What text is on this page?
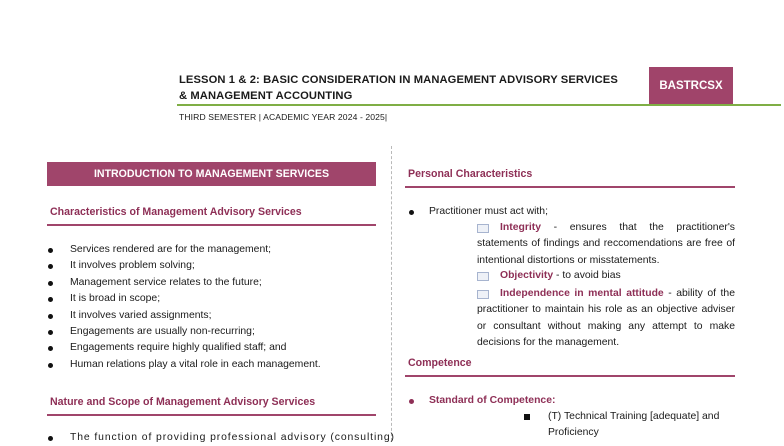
LESSON 1 & 2: BASIC CONSIDERATION IN MANAGEMENT ADVISORY SERVICES & MANAGEMENT ACCOUNTING
BASTRCSX
THIRD SEMESTER | ACADEMIC YEAR 2024 - 2025|
INTRODUCTION TO MANAGEMENT SERVICES
Characteristics of Management Advisory Services
Services rendered are for the management;
It involves problem solving;
Management service relates to the future;
It is broad in scope;
It involves varied assignments;
Engagements are usually non-recurring;
Engagements require highly qualified staff; and
Human relations play a vital role in each management.
Nature and Scope of Management Advisory Services
The function of providing professional advisory (consulting)
Personal Characteristics
Practitioner must act with;
Integrity - ensures that the practitioner's statements of findings and reccomendations are free of intentional distortions or misstatements.
Objectivity - to avoid bias
Independence in mental attitude - ability of the practitioner to maintain his role as an objective adviser or consultant without making any attempt to make decisions for the management.
Competence
Standard of Competence:
(T) Technical Training [adequate] and
Proficiency
